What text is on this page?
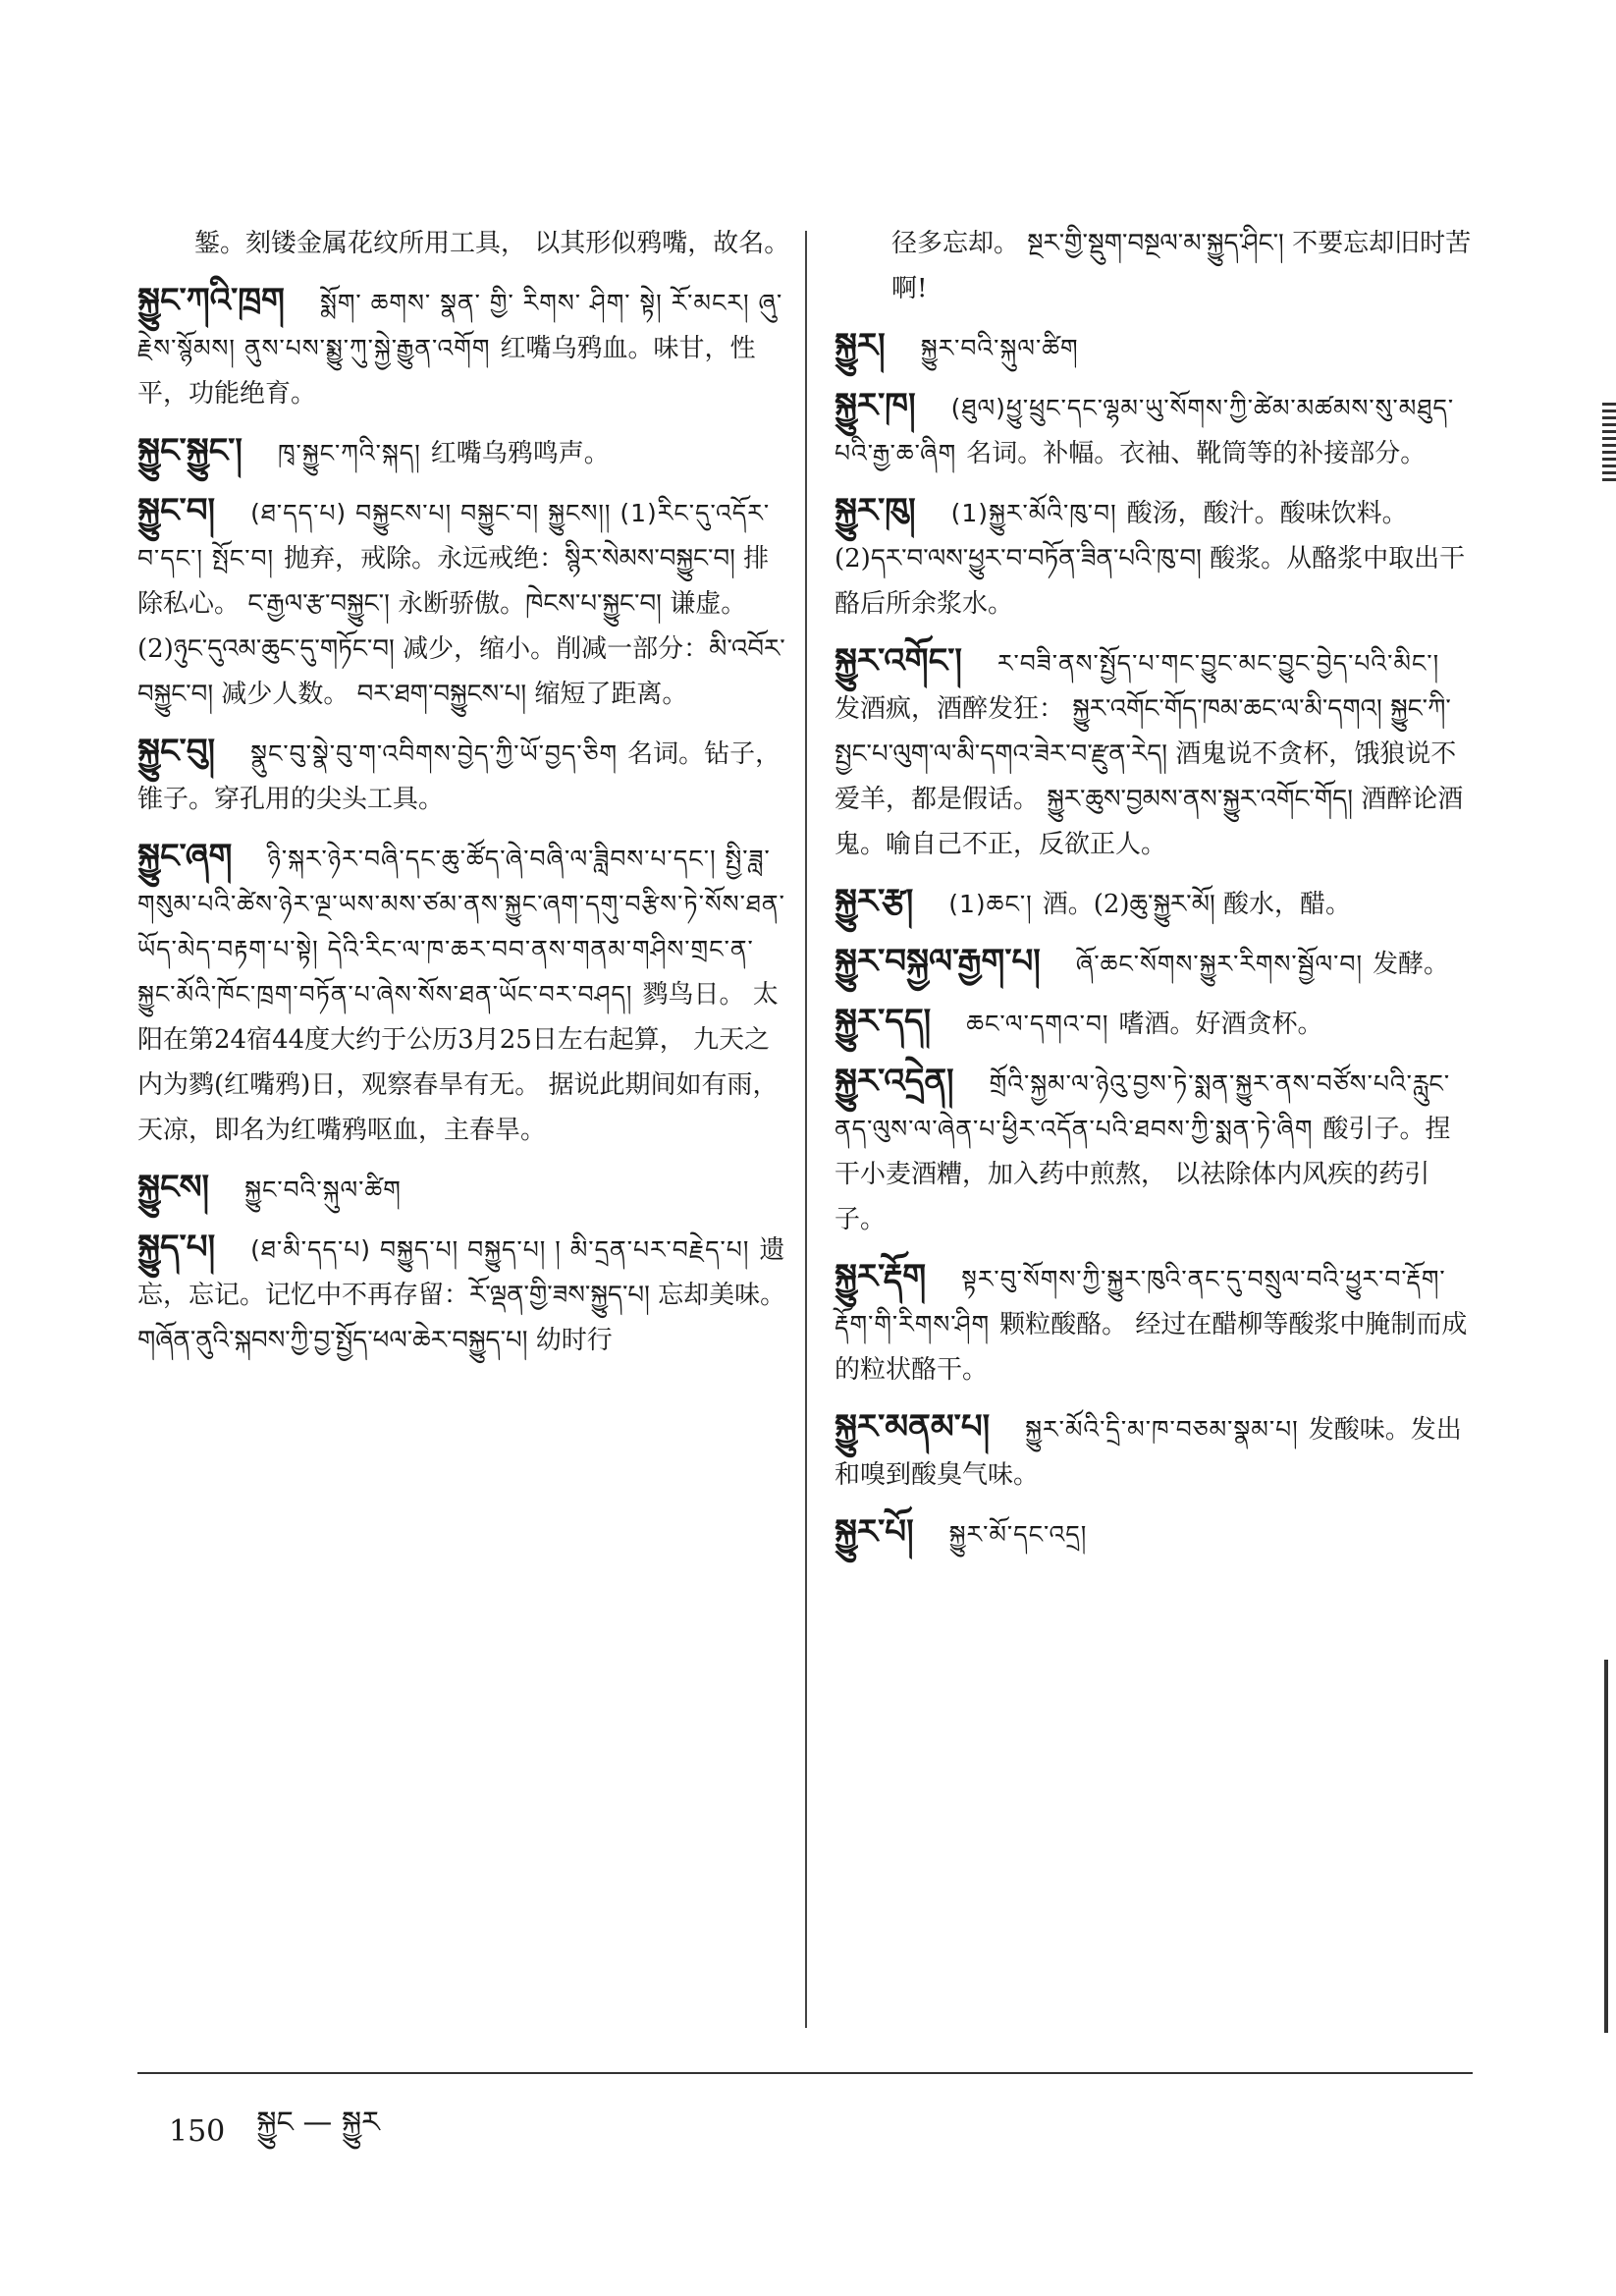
錾。刻镂金属花纹所用工具， 以其形似鸦嘴，故名。
སྐྱུང་ཀའི་ཁྲག སྨོག་ ཆགས་ སྣན་ གྱི་ རིགས་ ཤིག་ སྟེ། རོ་མངར། ཞུ་རྗེས་སྙོམས། ནུས་པས་སྨྱུ་ཀུ་སྐྱེ་རྒྱུན་འགོག 红嘴乌鸦血。味甘，性平，功能绝育。
སྐྱུང་སྐྱུང་། ཁྭ་སྐྱུང་ཀའི་སྐད། 红嘴乌鸦鸣声。
སྐྱུང་བ། (ཐ་དད་པ) བསྐྱུངས་པ། བསྐྱུང་བ། སྐྱུངས།། (1)རིང་དུ་འདོར་བ་དང་། སྤོང་བ། 抛弃，戒除。永远戒绝：སྙིར་སེམས་བསྐྱུང་བ། 排除私心。 ང་རྒྱལ་རྩ་བསྐྱུང་། 永断骄傲。ཁེངས་པ་སྐྱུང་བ། 谦虚。 (2)ཉུང་དུའམ་ཆུང་དུ་གཏོང་བ། 减少，缩小。削减一部分：མི་འབོར་བསྐྱུང་བ། 减少人数。 བར་ཐག་བསྐྱུངས་པ། 缩短了距离。
སྐྱུང་བུ། སྣུང་བུ་སྣེ་བུ་ག་འབིགས་བྱེད་ཀྱི་ཡོ་བྱད་ཅིག 名词。钻子，锥子。穿孔用的尖头工具。
སྐྱུང་ཞག ཉི་སྐར་ཉེར་བཞི་དང་ཆུ་ཚོད་ཞེ་བཞི་ལ་ཟླིབས་པ་དང་། སྤྱི་ཟླ་གསུམ་པའི་ཚེས་ཉེར་ལྔ་ཡས་མས་ཙམ་ནས་སྐྱུང་ཞག་དགུ་བརྩིས་ཏེ་སོས་ཐན་ཡོད་མེད་བརྟག་པ་སྟེ། དེའི་རིང་ལ་ཁ་ཆར་བབ་ནས་གནམ་གཤིས་གྲང་ན་སྐྱུང་མོའི་ཁོང་ཁྲག་བཏོན་པ་ཞེས་སོས་ཐན་ཡོང་བར་བཤད། 鹨鸟日。 太阳在第24宿44度大约于公历3月25日左右起算， 九天之内为鹨(红嘴鸦)日，观察春旱有无。 据说此期间如有雨，天凉，即名为红嘴鸦呕血，主春旱。
སྐྱུངས། སྐྱུང་བའི་སྐུལ་ཚིག
སྐྱུད་པ། (ཐ་མི་དད་པ) བསྐྱུད་པ། བསྐྱུད་པ། ། མི་དྲན་པར་བརྗེད་པ། 遗忘，忘记。记忆中不再存留：རོ་ལྡན་གྱི་ཟས་སྐྱུད་པ། 忘却美味。 གཞོན་ནུའི་སྐབས་ཀྱི་བྱ་སྤྱོད་ཕལ་ཆེར་བསྐྱུད་པ། 幼时行
径多忘却。 སྔར་གྱི་སྡུག་བསྔལ་མ་སྐྱུད་ཤིང་། 不要忘却旧时苦啊!
སྐྱུར། སྐྱུར་བའི་སྐུལ་ཚིག
སྐྱུར་ཁ། (ཐུལ)ཕྱུ་ཕྲུང་དང་ལྷམ་ཡུ་སོགས་ཀྱི་ཚེམ་མཚམས་སུ་མཐུད་པའི་རྒྱ་ཆ་ཞིག 名词。补幅。衣袖、靴筒等的补接部分。
སྐྱུར་ཁུ། (1)སྐྱུར་མོའི་ཁུ་བ། 酸汤，酸汁。酸味饮料。(2)དར་བ་ལས་ཕྱུར་བ་བཏོན་ཟིན་པའི་ཁུ་བ། 酸浆。从酪浆中取出干酪后所余浆水。
སྐྱུར་འགོང་། ར་བཟི་ནས་སྤྱོད་པ་གང་བྱུང་མང་བྱུང་བྱེད་པའི་མིང་།发酒疯，酒醉发狂： སྐྱུར་འགོང་གོད་ཁམ་ཆང་ལ་མི་དགའ། སྐྱུང་ཀི་སྤྱང་པ་ལུག་ལ་མི་དགའ་ཟེར་བ་རྫུན་རེད། 酒鬼说不贪杯，饿狼说不爱羊，都是假话。 སྐྱུར་ཆུས་བྱམས་ནས་སྐྱུར་འགོང་གོད། 酒醉论酒鬼。喻自己不正，反欲正人。
སྐྱུར་རྩ། (1)ཆང་། 酒。(2)ཆུ་སྐྱུར་མོ། 酸水，醋。
སྐྱུར་བསྐྱལ་རྒྱག་པ། ཞོ་ཆང་སོགས་སྐྱུར་རིགས་སྦྱོལ་བ། 发酵。
སྐྱུར་དད། ཆང་ལ་དགའ་བ། 嗜酒。好酒贪杯。
སྐྱུར་འདྲེན། གྲོའི་སྐྱམ་ལ་ཉེའུ་བྱས་ཏེ་སྨན་སྐྱུར་ནས་བཙོས་པའི་རླུང་ནད་ལུས་ལ་ཞེན་པ་ཕྱིར་འདོན་པའི་ཐབས་ཀྱི་སྨན་ཏེ་ཞིག 酸引子。捏干小麦酒糟，加入药中煎熬， 以祛除体内风疾的药引子。
སྐྱུར་རྡོག སྟར་བུ་སོགས་ཀྱི་སྐྱུར་ཁུའི་ནང་དུ་བསྲུལ་བའི་ཕྱུར་བ་རྡོག་རྡོག་གི་རིགས་ཤིག 颗粒酸酪。 经过在醋柳等酸浆中腌制而成的粒状酪干。
སྐྱུར་མནམ་པ། སྐྱུར་མོའི་དྲི་མ་ཁ་བཅམ་སྣམ་པ། 发酸味。发出和嗅到酸臭气味。
སྐྱུར་པོ། སྐྱུར་མོ་དང་འདྲ།
150 སྐྱུང — སྐྱུར
